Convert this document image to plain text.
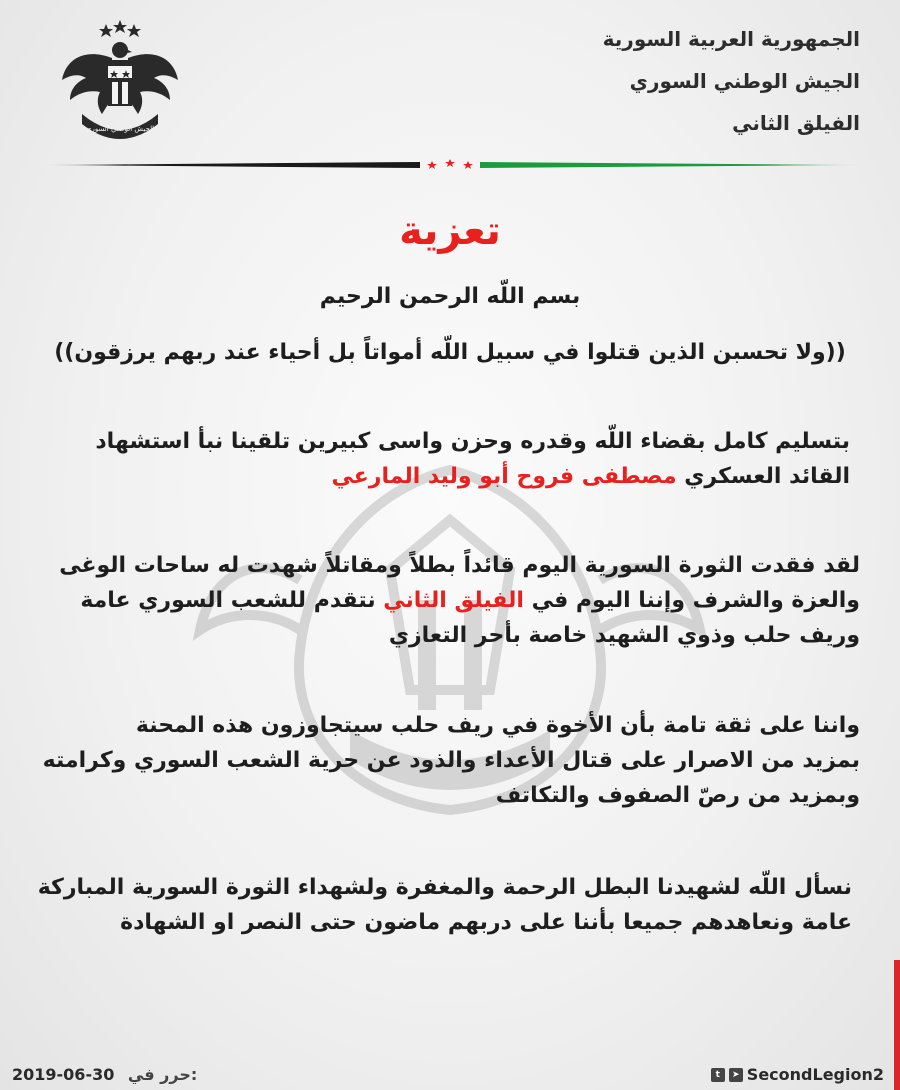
الجيش الوطني السوري
الجمهورية العربية السورية
الجيش الوطني السوري
الفيلق الثاني
تعزية
بسم اللّه الرحمن الرحيم
((ولا تحسبن الذين قتلوا في سبيل اللّه أمواتاً بل أحياء عند ربهم يرزقون))
بتسليم كامل بقضاء اللّه وقدره وحزن واسى كبيرين تلقينا نبأ استشهاد
القائد العسكري مصطفى فروح أبو وليد المارعي
لقد فقدت الثورة السورية اليوم قائداً بطلاً ومقاتلاً شهدت له ساحات الوغى
والعزة والشرف وإننا اليوم في الفيلق الثاني نتقدم للشعب السوري عامة
وريف حلب وذوي الشهيد خاصة بأحر التعازي
واننا على ثقة تامة بأن الأخوة في ريف حلب سيتجاوزون هذه المحنة
بمزيد من الاصرار على قتال الأعداء والذود عن حرية الشعب السوري وكرامته
وبمزيد من رصّ الصفوف والتكاتف
نسأل اللّه لشهيدنا البطل الرحمة والمغفرة ولشهداء الثورة السورية المباركة
عامة ونعاهدهم جميعا بأننا على دربهم ماضون حتى النصر او الشهادة
2019-06-30 حرر في:	t	➤ SecondLegion2
